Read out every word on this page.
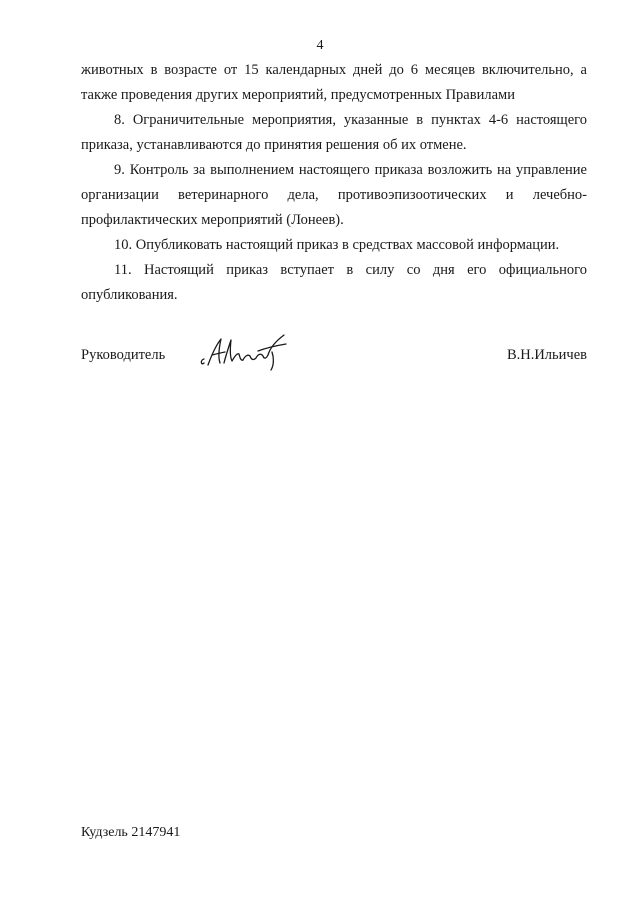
4

животных в возрасте от 15 календарных дней до 6 месяцев включительно, а также проведения других мероприятий, предусмотренных Правилами

8. Ограничительные мероприятия, указанные в пунктах 4-6 настоящего приказа, устанавливаются до принятия решения об их отмене.

9. Контроль за выполнением настоящего приказа возложить на управление организации ветеринарного дела, противоэпизоотических и лечебно-профилактических мероприятий (Лонеев).

10. Опубликовать настоящий приказ в средствах массовой информации.

11. Настоящий приказ вступает в силу со дня его официального опубликования.

Руководитель	В.Н.Ильичев
Кудзель 2147941
